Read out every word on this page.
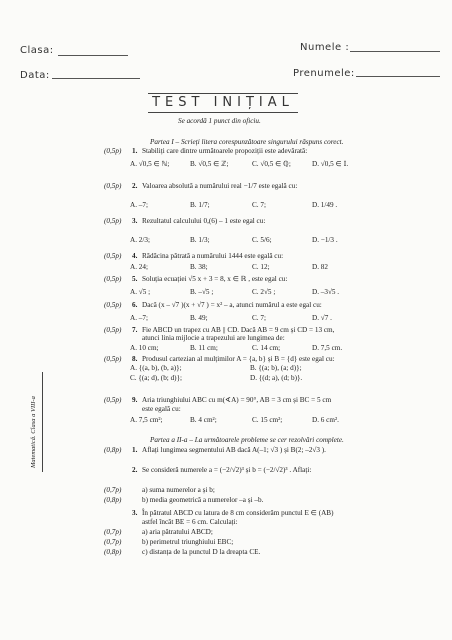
Clasa:
Data:
Numele :
Prenumele:
TEST INIȚIAL
Se acordă 1 punct din oficiu.
Matematică. Clasa a VIII-a
Partea I – Scrieți litera corespunzătoare singurului răspuns corect.
(0,5p) 1. Stabiliți care dintre următoarele propoziții este adevărată:
A. √0,5 ∈ ℕ;	B. √0,5 ∈ ℤ;	C. √0,5 ∈ ℚ;	D. √0,5 ∈ 𝕀.
(0,5p) 2. Valoarea absolută a numărului real −1/7 este egală cu:
A. –7;	B. 1/7;	C. 7;	D. 1/49 .
(0,5p) 3. Rezultatul calculului 0,(6) – 1 este egal cu:
A. 2/3;	B. 1/3;	C. 5/6;	D. −1/3 .
(0,5p) 4. Rădăcina pătrată a numărului 1444 este egală cu:
A. 24;	B. 38;	C. 12;	D. 82
(0,5p) 5. Soluția ecuației √5 x + 3 = 8, x ∈ ℝ , este egal cu:
A. √5 ;	B. –√5 ;	C. 2√5 ;	D. –3√5 .
(0,5p) 6. Dacă (x – √7 )(x + √7 ) = x² – a, atunci numărul a este egal cu:
A. –7;	B. 49;	C. 7;	D. √7 .
(0,5p) 7. Fie ABCD un trapez cu AB || CD. Dacă AB = 9 cm și CD = 13 cm,
atunci linia mijlocie a trapezului are lungimea de:
A. 10 cm;	B. 11 cm;	C. 14 cm;	D. 7,5 cm.
(0,5p) 8. Produsul cartezian al mulțimilor A = {a, b} și B = {d} este egal cu:
A. {(a, b), (b, a)};	B. {(a; b), (a; d)};
C. {(a; d), (b; d)};	D. {(d; a), (d; b)}.
(0,5p) 9. Aria triunghiului ABC cu m(∢A) = 90°, AB = 3 cm și BC = 5 cm
este egală cu:
A. 7,5 cm²;	B. 4 cm²;	C. 15 cm²;	D. 6 cm².
Partea a II-a – La următoarele probleme se cer rezolvări complete.
(0,8p) 1. Aflați lungimea segmentului AB dacă A(–1; √3 ) și B(2; –2√3 ).
2. Se consideră numerele a = (−2/√2)³ și b = (−2/√2)³ . Aflați:
(0,7p)	a) suma numerelor a și b;
(0,8p)	b) media geometrică a numerelor –a și –b.
3. În pătratul ABCD cu latura de 8 cm considerăm punctul E ∈ (AB)
astfel încât BE = 6 cm. Calculați:
(0,7p)	a) aria pătratului ABCD;
(0,7p)	b) perimetrul triunghiului EBC;
(0,8p)	c) distanța de la punctul D la dreapta CE.
